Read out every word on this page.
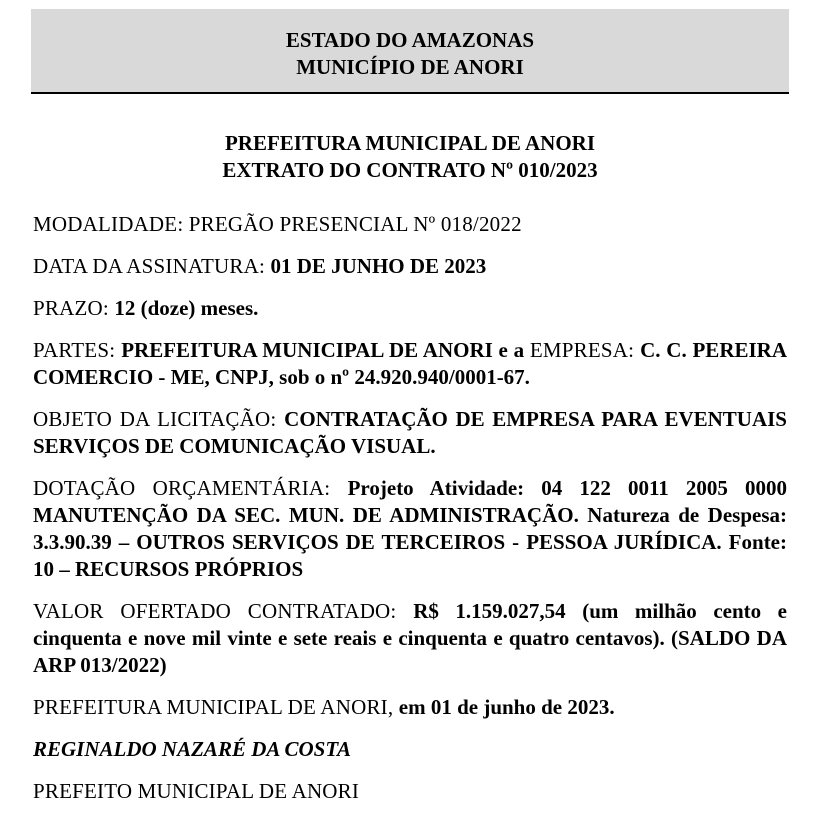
ESTADO DO AMAZONAS
MUNICÍPIO DE ANORI
PREFEITURA MUNICIPAL DE ANORI
EXTRATO DO CONTRATO Nº 010/2023

MODALIDADE: PREGÃO PRESENCIAL Nº 018/2022

DATA DA ASSINATURA: 01 DE JUNHO DE 2023

PRAZO: 12 (doze) meses.

PARTES: PREFEITURA MUNICIPAL DE ANORI e a EMPRESA: C. C. PEREIRA COMERCIO - ME, CNPJ, sob o nº 24.920.940/0001-67.

OBJETO DA LICITAÇÃO: CONTRATAÇÃO DE EMPRESA PARA EVENTUAIS SERVIÇOS DE COMUNICAÇÃO VISUAL.

DOTAÇÃO ORÇAMENTÁRIA: Projeto Atividade: 04 122 0011 2005 0000 MANUTENÇÃO DA SEC. MUN. DE ADMINISTRAÇÃO. Natureza de Despesa: 3.3.90.39 – OUTROS SERVIÇOS DE TERCEIROS - PESSOA JURÍDICA. Fonte: 10 – RECURSOS PRÓPRIOS

VALOR OFERTADO CONTRATADO: R$ 1.159.027,54 (um milhão cento e cinquenta e nove mil vinte e sete reais e cinquenta e quatro centavos). (SALDO DA ARP 013/2022)

PREFEITURA MUNICIPAL DE ANORI, em 01 de junho de 2023.

REGINALDO NAZARÉ DA COSTA

PREFEITO MUNICIPAL DE ANORI
